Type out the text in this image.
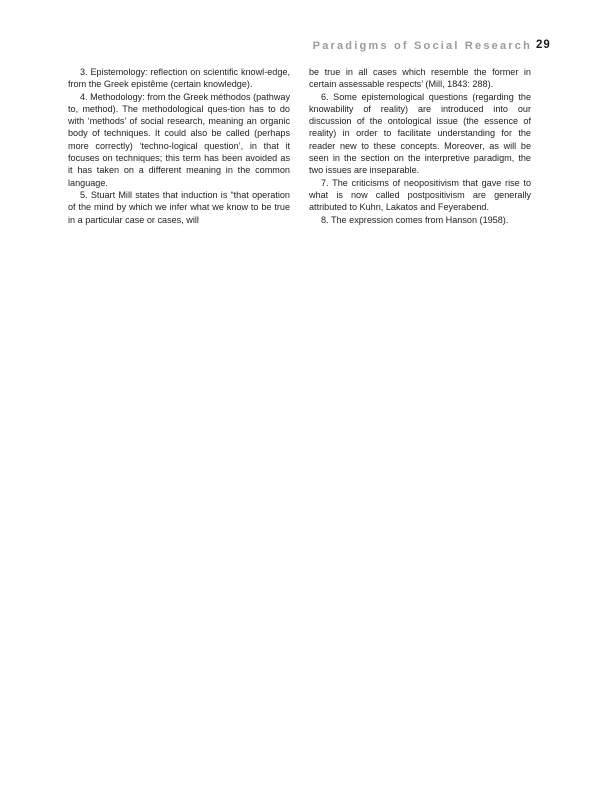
Paradigms of Social Research 29

3. Epistemology: reflection on scientific knowl-edge, from the Greek epistême (certain knowledge).

4. Methodology: from the Greek méthodos (pathway to, method). The methodological ques-tion has to do with ‘methods’ of social research, meaning an organic body of techniques. It could also be called (perhaps more correctly) ‘techno-logical question’, in that it focuses on techniques; this term has been avoided as it has taken on a different meaning in the common language.

5. Stuart Mill states that induction is “that operation of the mind by which we infer what we know to be true in a particular case or cases, will

be true in all cases which resemble the former in certain assessable respects’ (Mill, 1843: 288).

6. Some epistemological questions (regarding the knowability of reality) are introduced into our discussion of the ontological issue (the essence of reality) in order to facilitate understanding for the reader new to these concepts. Moreover, as will be seen in the section on the interpretive paradigm, the two issues are inseparable.

7. The criticisms of neopositivism that gave rise to what is now called postpositivism are generally attributed to Kuhn, Lakatos and Feyerabend.

8. The expression comes from Hanson (1958).
